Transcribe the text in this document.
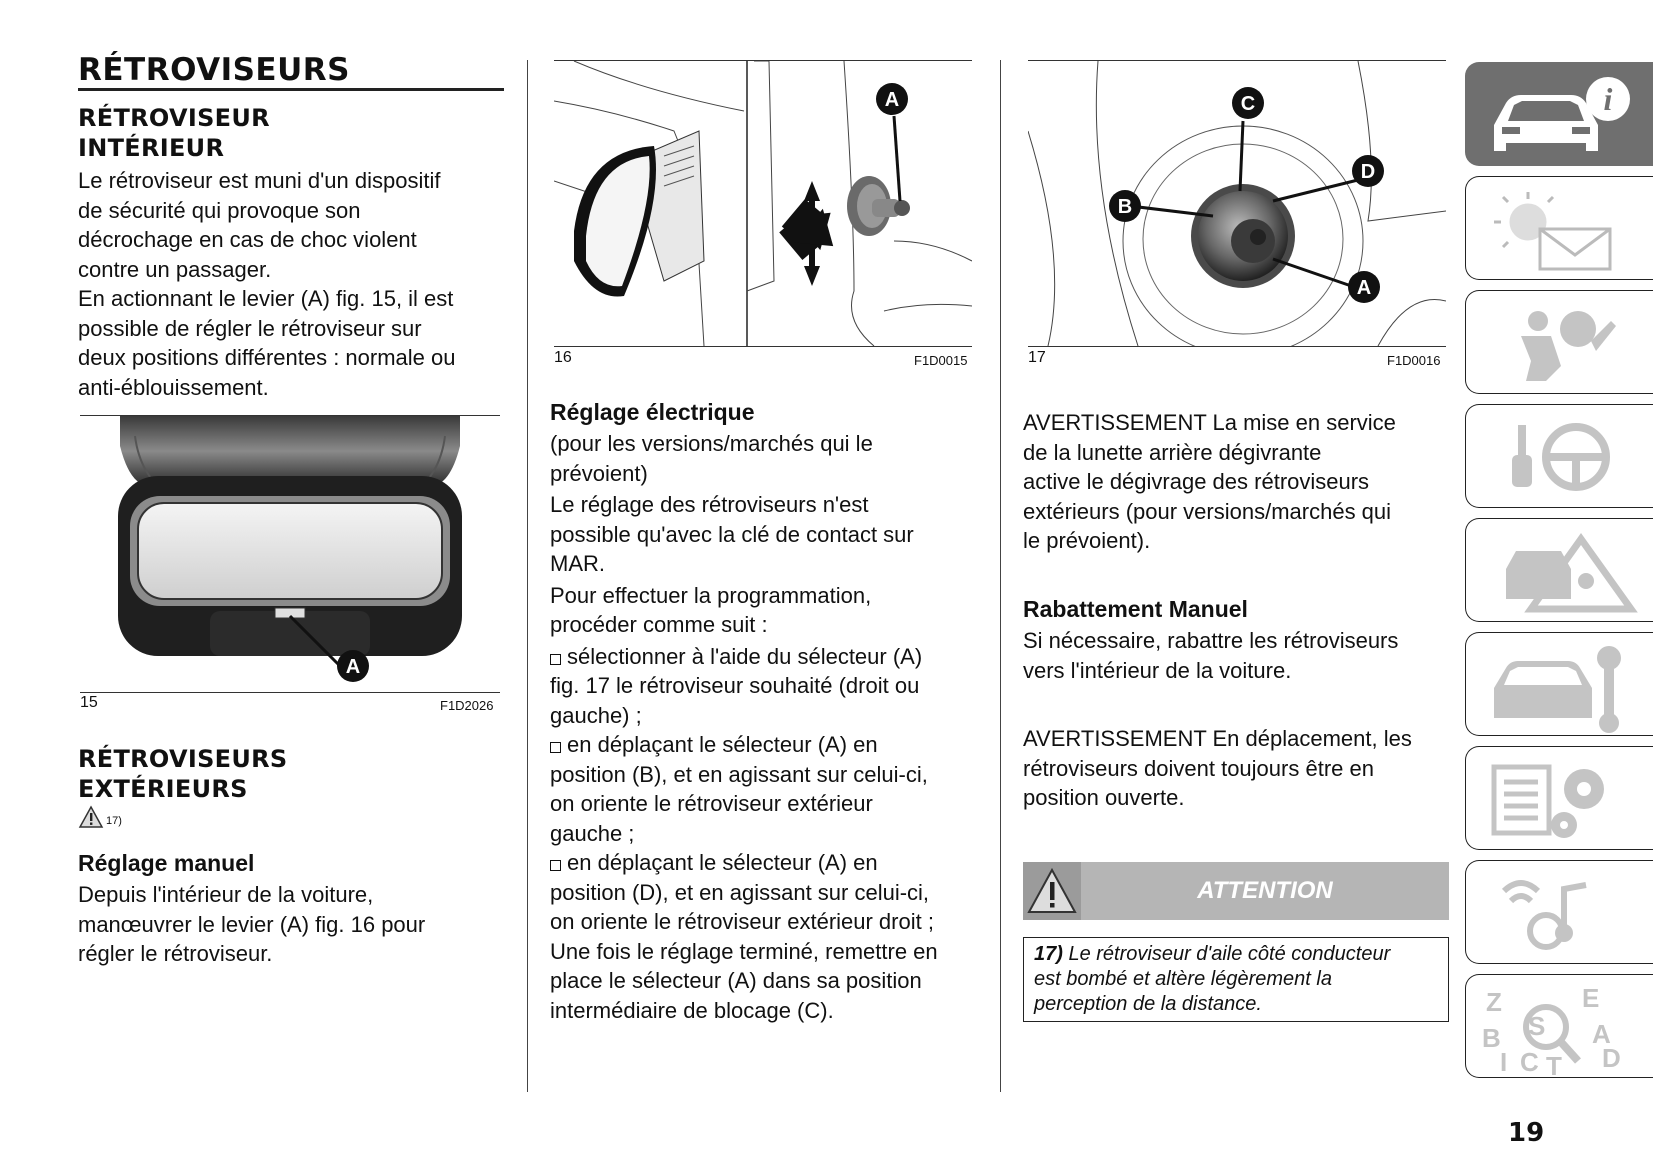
RÉTROVISEURS
RÉTROVISEUR
INTÉRIEUR
Le rétroviseur est muni d'un dispositif
de sécurité qui provoque son
décrochage en cas de choc violent
contre un passager.
En actionnant le levier (A) fig. 15, il est
possible de régler le rétroviseur sur
deux positions différentes : normale ou
anti-éblouissement.
A
15	F1D2026
RÉTROVISEURS
EXTÉRIEURS
17)
Réglage manuel
Depuis l'intérieur de la voiture,
manœuvrer le levier (A) fig. 16 pour
régler le rétroviseur.
A
16	F1D0015
Réglage électrique
(pour les versions/marchés qui le
prévoient)
Le réglage des rétroviseurs n'est
possible qu'avec la clé de contact sur
MAR.
Pour effectuer la programmation,
procéder comme suit :
sélectionner à l'aide du sélecteur (A)
fig. 17 le rétroviseur souhaité (droit ou
gauche) ;
en déplaçant le sélecteur (A) en
position (B), et en agissant sur celui-ci,
on oriente le rétroviseur extérieur
gauche ;
en déplaçant le sélecteur (A) en
position (D), et en agissant sur celui-ci,
on oriente le rétroviseur extérieur droit ;
Une fois le réglage terminé, remettre en
place le sélecteur (A) dans sa position
intermédiaire de blocage (C).
C
D
B
A
17	F1D0016
AVERTISSEMENT La mise en service
de la lunette arrière dégivrante
active le dégivrage des rétroviseurs
extérieurs (pour versions/marchés qui
le prévoient).
Rabattement Manuel
Si nécessaire, rabattre les rétroviseurs
vers l'intérieur de la voiture.
AVERTISSEMENT En déplacement, les
rétroviseurs doivent toujours être en
position ouverte.
ATTENTION
17) Le rétroviseur d'aile côté conducteur
est bombé et altère légèrement la
perception de la distance.
i
Z	E
B S A
I C T D
19
